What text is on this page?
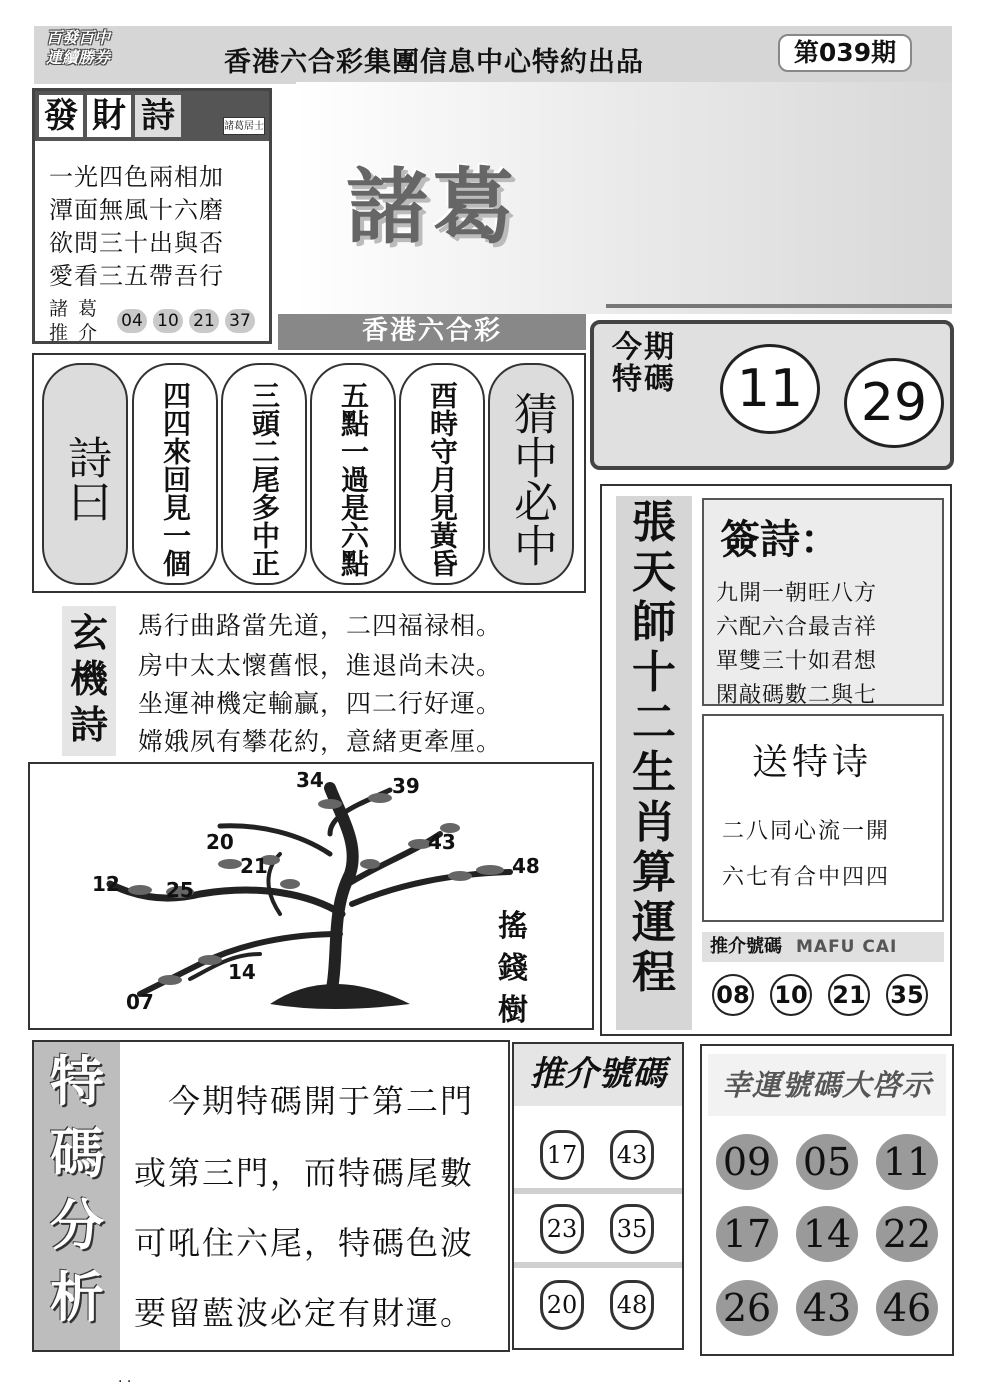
百發百中
連續勝券	香港六合彩集團信息中心特約出品	第039期
發 財 詩	諸葛居士
一光四色兩相加
潭面無風十六磨
欲問三十出與否
愛看三五帶吾行
諸葛推介
04 10 21 37
諸葛
香港六合彩	今期特碼	11	29
詩曰	四四來回見一個	三頭二尾多中正	五點一過是六點	酉時守月見黃昏	猜中必中
玄機詩
馬行曲路當先道，二四福禄相。
房中太太懷舊恨，進退尚未决。
坐運神機定輸贏，四二行好運。
嫦娥夙有攀花約，意緒更牽厘。
34	39
20
21
43
48
12 25
14
07
搖錢樹
張天師十二生肖算運程
簽詩：
九開一朝旺八方
六配六合最吉祥
單雙三十如君想
閑敲碼數二與七
送特诗
二八同心流一開
六七有合中四四
推介號碼 MAFU CAI
08 10 21 35
特碼分析
今期特碼開于第二門
或第三門，而特碼尾數
可吼住六尾，特碼色波
要留藍波必定有財運。
推介號碼
17 43
23 35
20 48
幸運號碼大啓示
09 05 11
17 14 22
26 43 46
. .
